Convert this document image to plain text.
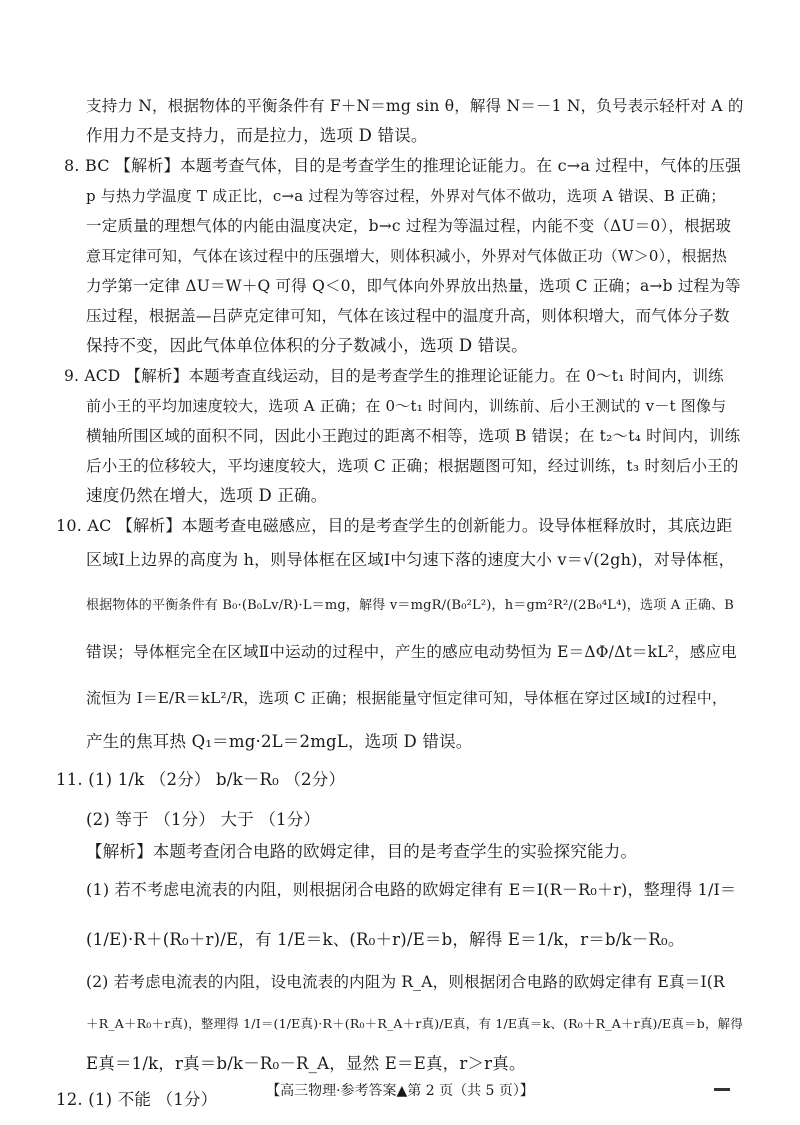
支持力 N，根据物体的平衡条件有 F＋N＝mg sin θ，解得 N＝－1 N，负号表示轻杆对 A 的
作用力不是支持力，而是拉力，选项 D 错误。
8. BC 【解析】本题考查气体，目的是考查学生的推理论证能力。在 c→a 过程中，气体的压强
p 与热力学温度 T 成正比，c→a 过程为等容过程，外界对气体不做功，选项 A 错误、B 正确；
一定质量的理想气体的内能由温度决定，b→c 过程为等温过程，内能不变（ΔU＝0），根据玻
意耳定律可知，气体在该过程中的压强增大，则体积减小，外界对气体做正功（W＞0），根据热
力学第一定律 ΔU＝W＋Q 可得 Q＜0，即气体向外界放出热量，选项 C 正确；a→b 过程为等
压过程，根据盖—吕萨克定律可知，气体在该过程中的温度升高，则体积增大，而气体分子数
保持不变，因此气体单位体积的分子数减小，选项 D 错误。
9. ACD 【解析】本题考查直线运动，目的是考查学生的推理论证能力。在 0～t₁ 时间内，训练
前小王的平均加速度较大，选项 A 正确；在 0～t₁ 时间内，训练前、后小王测试的 v－t 图像与
横轴所围区域的面积不同，因此小王跑过的距离不相等，选项 B 错误；在 t₂～t₄ 时间内，训练
后小王的位移较大，平均速度较大，选项 C 正确；根据题图可知，经过训练，t₃ 时刻后小王的
速度仍然在增大，选项 D 正确。
10. AC 【解析】本题考查电磁感应，目的是考查学生的创新能力。设导体框释放时，其底边距
区域Ⅰ上边界的高度为 h，则导体框在区域Ⅰ中匀速下落的速度大小 v＝√(2gh)，对导体框，
根据物体的平衡条件有 B₀·(B₀Lv/R)·L＝mg，解得 v＝mgR/(B₀²L²)，h＝gm²R²/(2B₀⁴L⁴)，选项 A 正确、B
错误；导体框完全在区域Ⅱ中运动的过程中，产生的感应电动势恒为 E＝ΔΦ/Δt＝kL²，感应电
流恒为 I＝E/R＝kL²/R，选项 C 正确；根据能量守恒定律可知，导体框在穿过区域Ⅰ的过程中，
产生的焦耳热 Q₁＝mg·2L＝2mgL，选项 D 错误。
11. (1) 1/k （2分） b/k－R₀ （2分）
(2) 等于 （1分） 大于 （1分）
【解析】本题考查闭合电路的欧姆定律，目的是考查学生的实验探究能力。
(1) 若不考虑电流表的内阻，则根据闭合电路的欧姆定律有 E＝I(R－R₀＋r)，整理得 1/I＝
(1/E)·R＋(R₀＋r)/E，有 1/E＝k、(R₀＋r)/E＝b，解得 E＝1/k，r＝b/k－R₀。
(2) 若考虑电流表的内阻，设电流表的内阻为 R_A，则根据闭合电路的欧姆定律有 E真＝I(R
＋R_A＋R₀＋r真)，整理得 1/I＝(1/E真)·R＋(R₀＋R_A＋r真)/E真，有 1/E真＝k、(R₀＋R_A＋r真)/E真＝b，解得
E真＝1/k，r真＝b/k－R₀－R_A，显然 E＝E真，r＞r真。
12. (1) 不能 （1分）	【高三物理·参考答案▲第 2 页（共 5 页）】
